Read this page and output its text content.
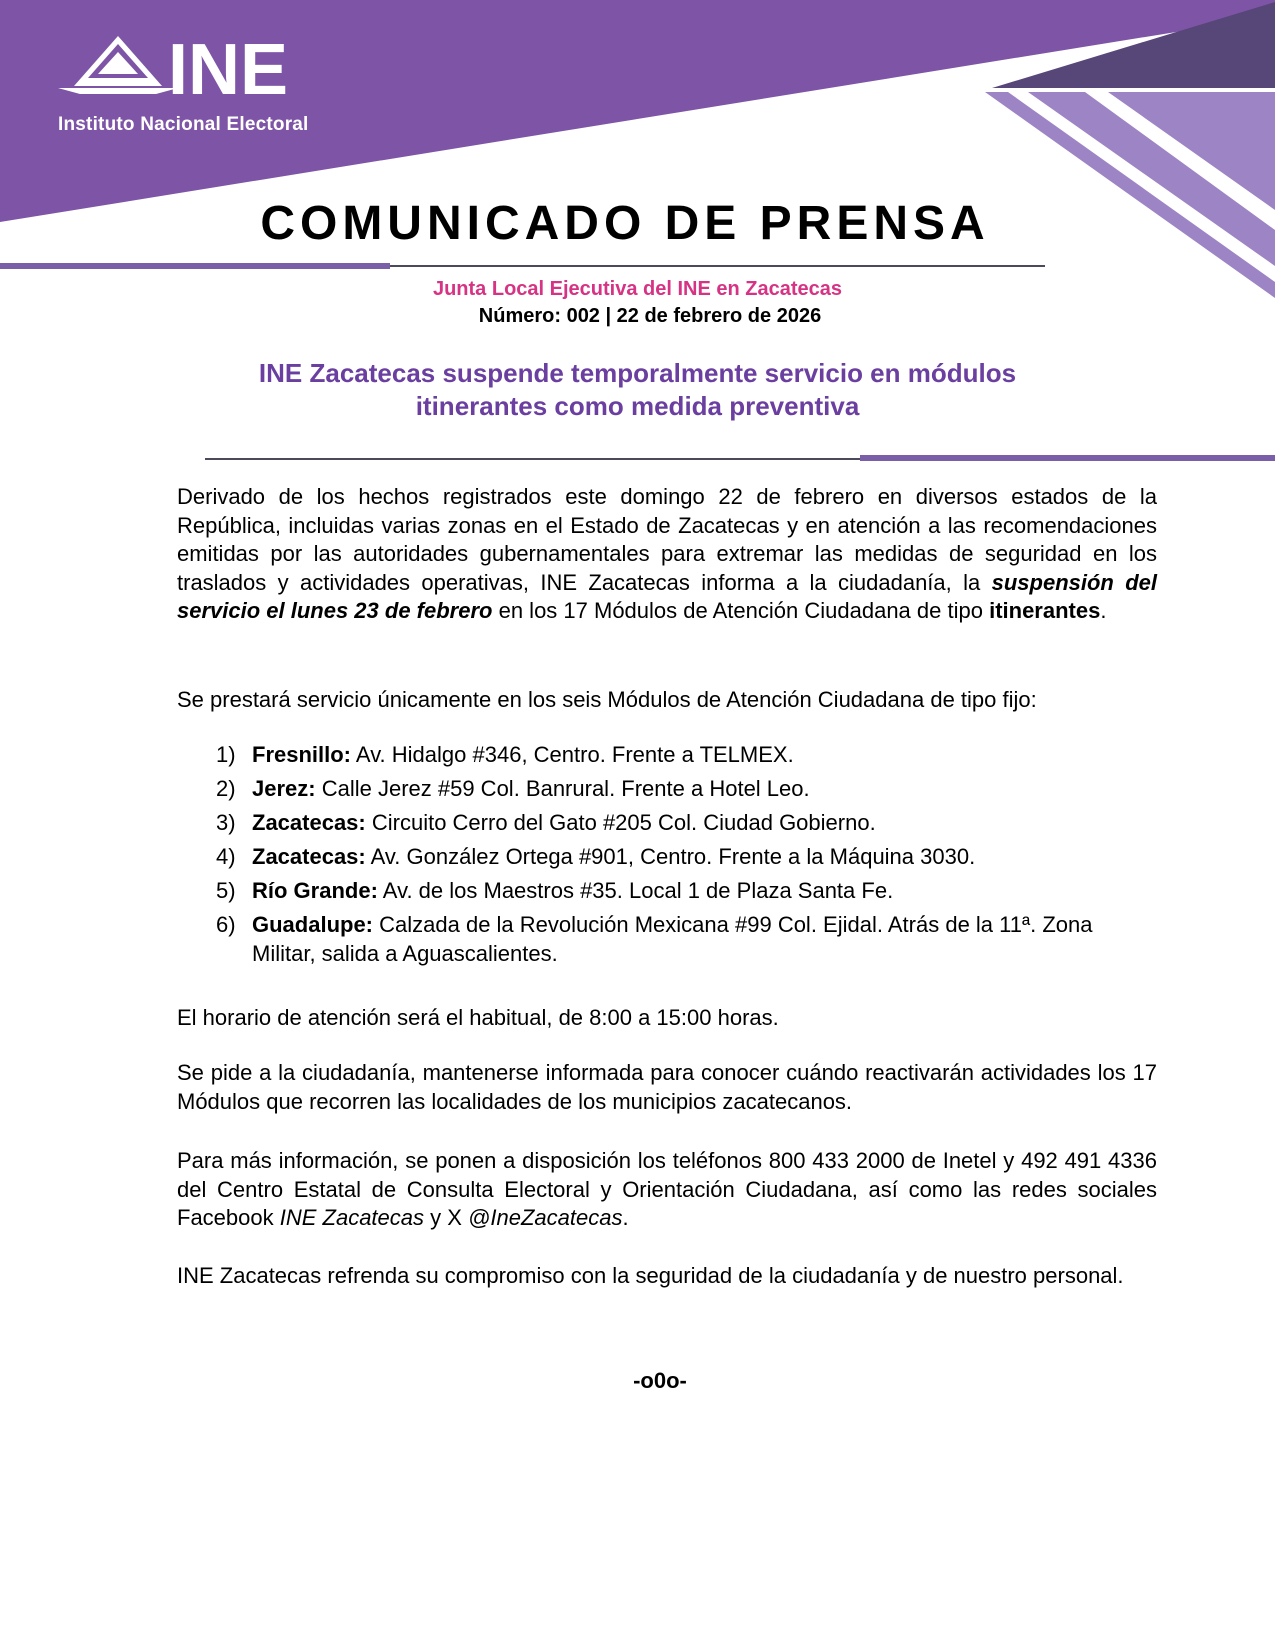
INE
Instituto Nacional Electoral
COMUNICADO DE PRENSA
Junta Local Ejecutiva del INE en Zacatecas
Número: 002 | 22 de febrero de 2026
INE Zacatecas suspende temporalmente servicio en módulos
itinerantes como medida preventiva
Derivado de los hechos registrados este domingo 22 de febrero en diversos estados de la República, incluidas varias zonas en el Estado de Zacatecas y en atención a las recomendaciones emitidas por las autoridades gubernamentales para extremar las medidas de seguridad en los traslados y actividades operativas, INE Zacatecas informa a la ciudadanía, la suspensión del servicio el lunes 23 de febrero en los 17 Módulos de Atención Ciudadana de tipo itinerantes.
Se prestará servicio únicamente en los seis Módulos de Atención Ciudadana de tipo fijo:
1) Fresnillo: Av. Hidalgo #346, Centro. Frente a TELMEX.
2) Jerez: Calle Jerez #59 Col. Banrural. Frente a Hotel Leo.
3) Zacatecas: Circuito Cerro del Gato #205 Col. Ciudad Gobierno.
4) Zacatecas: Av. González Ortega #901, Centro. Frente a la Máquina 3030.
5) Río Grande: Av. de los Maestros #35. Local 1 de Plaza Santa Fe.
6) Guadalupe: Calzada de la Revolución Mexicana #99 Col. Ejidal. Atrás de la 11ª. Zona Militar, salida a Aguascalientes.
El horario de atención será el habitual, de 8:00 a 15:00 horas.
Se pide a la ciudadanía, mantenerse informada para conocer cuándo reactivarán actividades los 17 Módulos que recorren las localidades de los municipios zacatecanos.
Para más información, se ponen a disposición los teléfonos 800 433 2000 de Inetel y 492 491 4336 del Centro Estatal de Consulta Electoral y Orientación Ciudadana, así como las redes sociales Facebook INE Zacatecas y X @IneZacatecas.
INE Zacatecas refrenda su compromiso con la seguridad de la ciudadanía y de nuestro personal.
-o0o-
